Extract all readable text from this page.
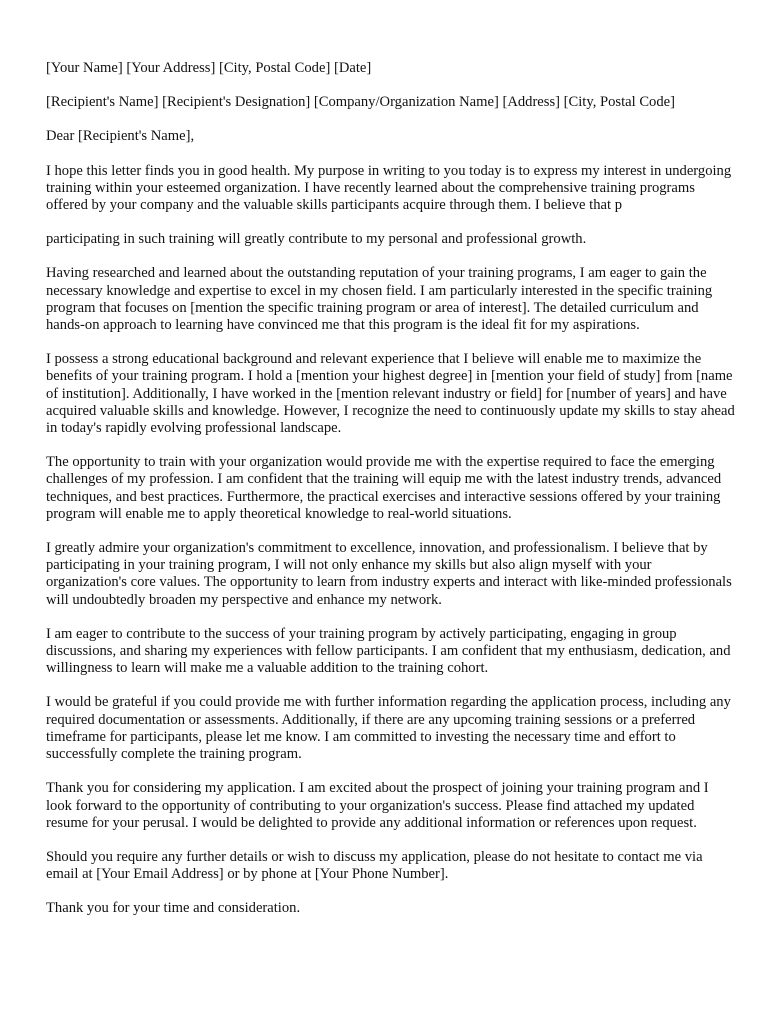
[Your Name] [Your Address] [City, Postal Code] [Date]

[Recipient's Name] [Recipient's Designation] [Company/Organization Name] [Address] [City, Postal Code]

Dear [Recipient's Name],

I hope this letter finds you in good health. My purpose in writing to you today is to express my interest in undergoing training within your esteemed organization. I have recently learned about the comprehensive training programs offered by your company and the valuable skills participants acquire through them. I believe that p

participating in such training will greatly contribute to my personal and professional growth.

Having researched and learned about the outstanding reputation of your training programs, I am eager to gain the necessary knowledge and expertise to excel in my chosen field. I am particularly interested in the specific training program that focuses on [mention the specific training program or area of interest]. The detailed curriculum and hands-on approach to learning have convinced me that this program is the ideal fit for my aspirations.

I possess a strong educational background and relevant experience that I believe will enable me to maximize the benefits of your training program. I hold a [mention your highest degree] in [mention your field of study] from [name of institution]. Additionally, I have worked in the [mention relevant industry or field] for [number of years] and have acquired valuable skills and knowledge. However, I recognize the need to continuously update my skills to stay ahead in today's rapidly evolving professional landscape.

The opportunity to train with your organization would provide me with the expertise required to face the emerging challenges of my profession. I am confident that the training will equip me with the latest industry trends, advanced techniques, and best practices. Furthermore, the practical exercises and interactive sessions offered by your training program will enable me to apply theoretical knowledge to real-world situations.

I greatly admire your organization's commitment to excellence, innovation, and professionalism. I believe that by participating in your training program, I will not only enhance my skills but also align myself with your organization's core values. The opportunity to learn from industry experts and interact with like-minded professionals will undoubtedly broaden my perspective and enhance my network.

I am eager to contribute to the success of your training program by actively participating, engaging in group discussions, and sharing my experiences with fellow participants. I am confident that my enthusiasm, dedication, and willingness to learn will make me a valuable addition to the training cohort.

I would be grateful if you could provide me with further information regarding the application process, including any required documentation or assessments. Additionally, if there are any upcoming training sessions or a preferred timeframe for participants, please let me know. I am committed to investing the necessary time and effort to successfully complete the training program.

Thank you for considering my application. I am excited about the prospect of joining your training program and I look forward to the opportunity of contributing to your organization's success. Please find attached my updated resume for your perusal. I would be delighted to provide any additional information or references upon request.

Should you require any further details or wish to discuss my application, please do not hesitate to contact me via email at [Your Email Address] or by phone at [Your Phone Number].

Thank you for your time and consideration.
